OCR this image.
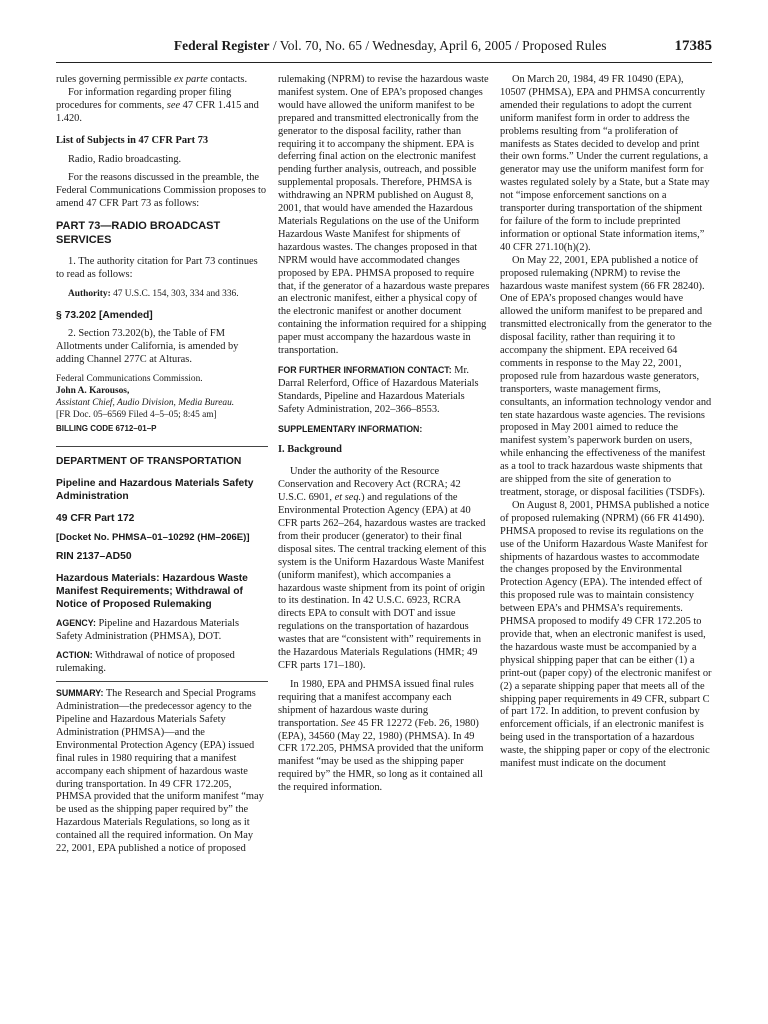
Federal Register / Vol. 70, No. 65 / Wednesday, April 6, 2005 / Proposed Rules	17385

rules governing permissible ex parte contacts.

For information regarding proper filing procedures for comments, see 47 CFR 1.415 and 1.420.

List of Subjects in 47 CFR Part 73

Radio, Radio broadcasting.

For the reasons discussed in the preamble, the Federal Communications Commission proposes to amend 47 CFR Part 73 as follows:

PART 73—RADIO BROADCAST SERVICES

1. The authority citation for Part 73 continues to read as follows:

Authority: 47 U.S.C. 154, 303, 334 and 336.

§ 73.202 [Amended]

2. Section 73.202(b), the Table of FM Allotments under California, is amended by adding Channel 277C at Alturas.

Federal Communications Commission.

John A. Karousos,

Assistant Chief, Audio Division, Media Bureau.

[FR Doc. 05–6569 Filed 4–5–05; 8:45 am]

BILLING CODE 6712–01–P

DEPARTMENT OF TRANSPORTATION

Pipeline and Hazardous Materials Safety Administration

49 CFR Part 172

[Docket No. PHMSA–01–10292 (HM–206E)]

RIN 2137–AD50

Hazardous Materials: Hazardous Waste Manifest Requirements; Withdrawal of Notice of Proposed Rulemaking

AGENCY: Pipeline and Hazardous Materials Safety Administration (PHMSA), DOT.

ACTION: Withdrawal of notice of proposed rulemaking.

SUMMARY: The Research and Special Programs Administration—the predecessor agency to the Pipeline and Hazardous Materials Safety Administration (PHMSA)—and the Environmental Protection Agency (EPA) issued final rules in 1980 requiring that a manifest accompany each shipment of hazardous waste during transportation. In 49 CFR 172.205, PHMSA provided that the uniform manifest “may be used as the shipping paper required by” the Hazardous Materials Regulations, so long as it contained all the required information. On May 22, 2001, EPA published a notice of proposed

rulemaking (NPRM) to revise the hazardous waste manifest system. One of EPA’s proposed changes would have allowed the uniform manifest to be prepared and transmitted electronically from the generator to the disposal facility, rather than requiring it to accompany the shipment. EPA is deferring final action on the electronic manifest pending further analysis, outreach, and possible supplemental proposals. Therefore, PHMSA is withdrawing an NPRM published on August 8, 2001, that would have amended the Hazardous Materials Regulations on the use of the Uniform Hazardous Waste Manifest for shipments of hazardous wastes. The changes proposed in that NPRM would have accommodated changes proposed by EPA. PHMSA proposed to require that, if the generator of a hazardous waste prepares an electronic manifest, either a physical copy of the electronic manifest or another document containing the information required for a shipping paper must accompany the hazardous waste in transportation.

FOR FURTHER INFORMATION CONTACT: Mr. Darral Relerford, Office of Hazardous Materials Standards, Pipeline and Hazardous Materials Safety Administration, 202–366–8553.

SUPPLEMENTARY INFORMATION:

I. Background

Under the authority of the Resource Conservation and Recovery Act (RCRA; 42 U.S.C. 6901, et seq.) and regulations of the Environmental Protection Agency (EPA) at 40 CFR parts 262–264, hazardous wastes are tracked from their producer (generator) to their final disposal sites. The central tracking element of this system is the Uniform Hazardous Waste Manifest (uniform manifest), which accompanies a hazardous waste shipment from its point of origin to its destination. In 42 U.S.C. 6923, RCRA directs EPA to consult with DOT and issue regulations on the transportation of hazardous wastes that are “consistent with” requirements in the Hazardous Materials Regulations (HMR; 49 CFR parts 171–180).

In 1980, EPA and PHMSA issued final rules requiring that a manifest accompany each shipment of hazardous waste during transportation. See 45 FR 12272 (Feb. 26, 1980) (EPA), 34560 (May 22, 1980) (PHMSA). In 49 CFR 172.205, PHMSA provided that the uniform manifest “may be used as the shipping paper required by” the HMR, so long as it contained all the required information.

On March 20, 1984, 49 FR 10490 (EPA), 10507 (PHMSA), EPA and PHMSA concurrently amended their regulations to adopt the current uniform manifest form in order to address the problems resulting from “a proliferation of manifests as States decided to develop and print their own forms.” Under the current regulations, a generator may use the uniform manifest form for wastes regulated solely by a State, but a State may not “impose enforcement sanctions on a transporter during transportation of the shipment for failure of the form to include preprinted information or optional State information items,” 40 CFR 271.10(h)(2).

On May 22, 2001, EPA published a notice of proposed rulemaking (NPRM) to revise the hazardous waste manifest system (66 FR 28240). One of EPA’s proposed changes would have allowed the uniform manifest to be prepared and transmitted electronically from the generator to the disposal facility, rather than requiring it to accompany the shipment. EPA received 64 comments in response to the May 22, 2001, proposed rule from hazardous waste generators, transporters, waste management firms, consultants, an information technology vendor and ten state hazardous waste agencies. The revisions proposed in May 2001 aimed to reduce the manifest system’s paperwork burden on users, while enhancing the effectiveness of the manifest as a tool to track hazardous waste shipments that are shipped from the site of generation to treatment, storage, or disposal facilities (TSDFs).

On August 8, 2001, PHMSA published a notice of proposed rulemaking (NPRM) (66 FR 41490). PHMSA proposed to revise its regulations on the use of the Uniform Hazardous Waste Manifest for shipments of hazardous wastes to accommodate the changes proposed by the Environmental Protection Agency (EPA). The intended effect of this proposed rule was to maintain consistency between EPA’s and PHMSA’s requirements. PHMSA proposed to modify 49 CFR 172.205 to provide that, when an electronic manifest is used, the hazardous waste must be accompanied by a physical shipping paper that can be either (1) a print-out (paper copy) of the electronic manifest or (2) a separate shipping paper that meets all of the shipping paper requirements in 49 CFR, subpart C of part 172. In addition, to prevent confusion by enforcement officials, if an electronic manifest is being used in the transportation of a hazardous waste, the shipping paper or copy of the electronic manifest must indicate on the document
